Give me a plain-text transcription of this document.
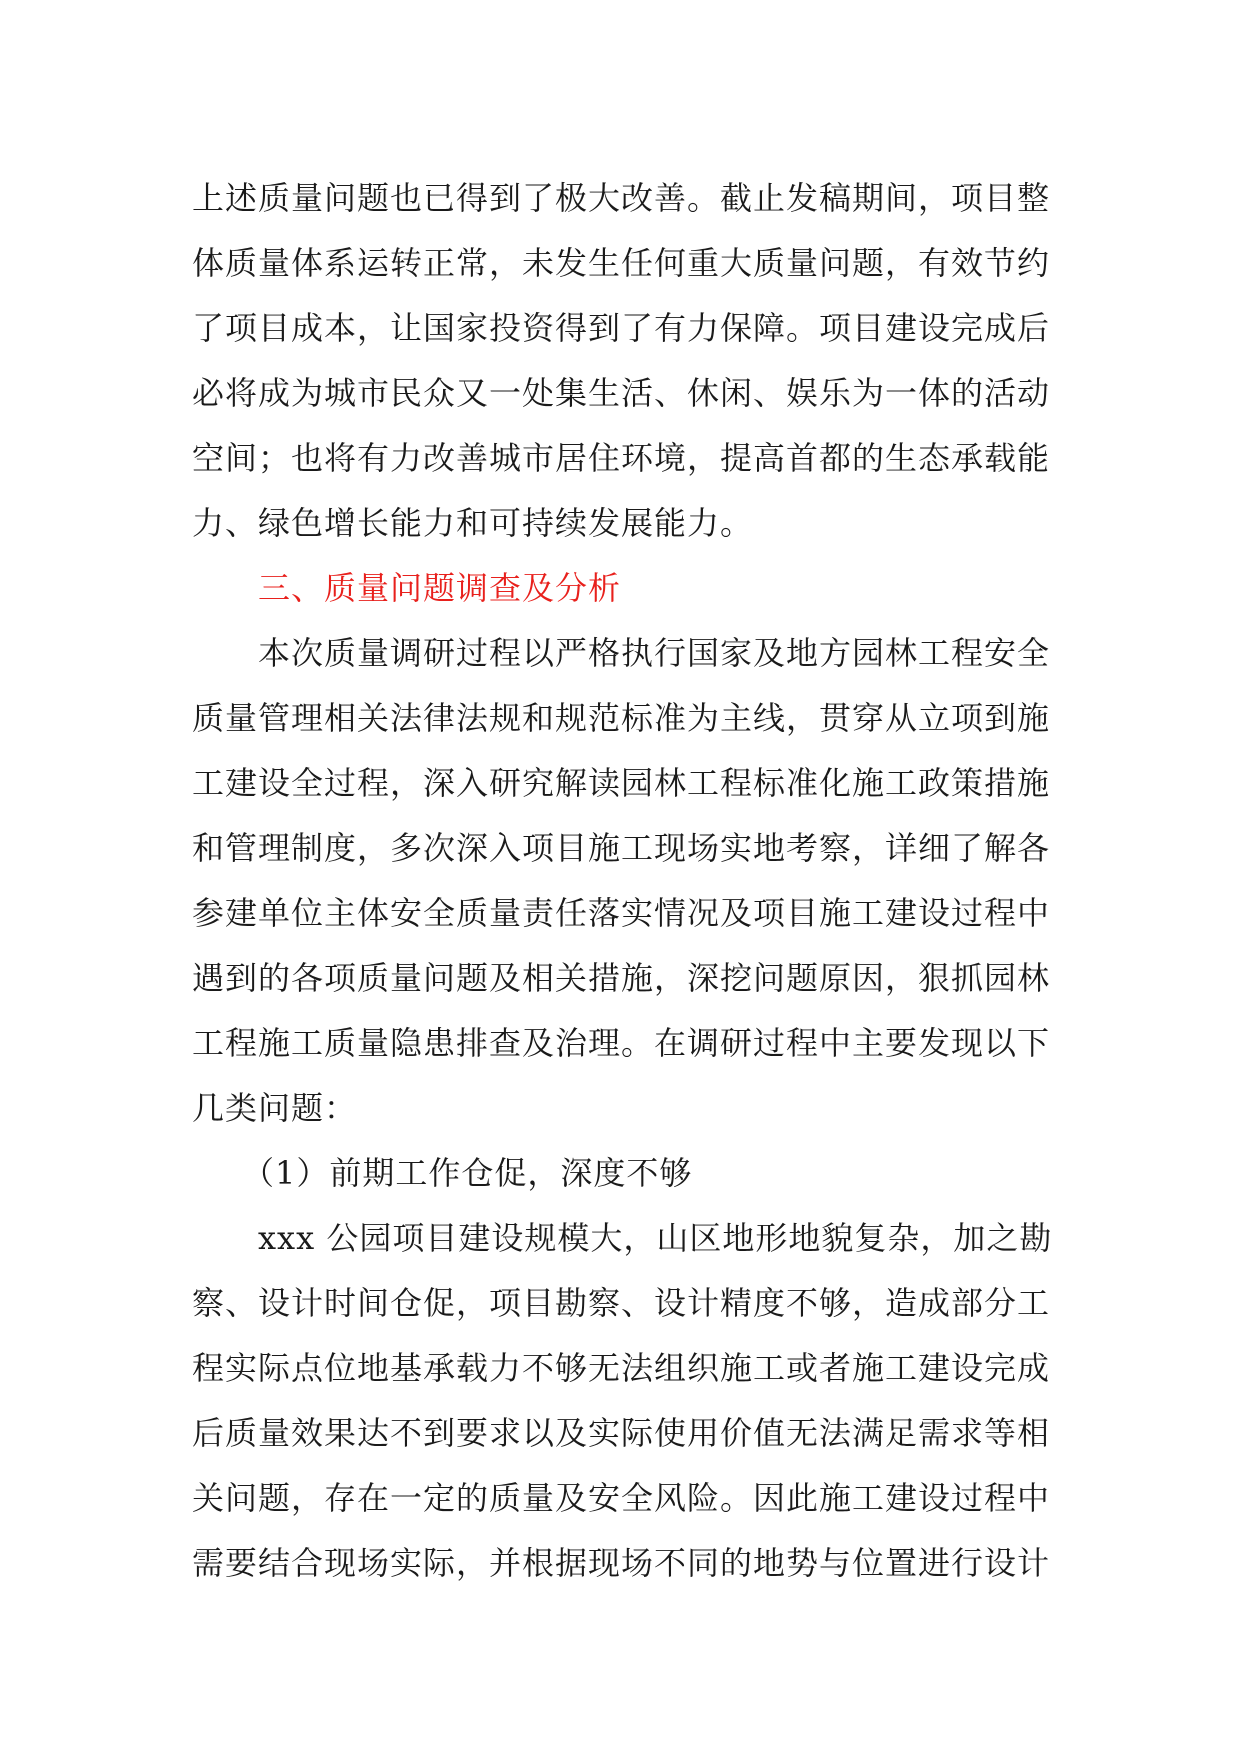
上述质量问题也已得到了极大改善。截止发稿期间，项目整
体质量体系运转正常，未发生任何重大质量问题，有效节约
了项目成本，让国家投资得到了有力保障。项目建设完成后
必将成为城市民众又一处集生活、休闲、娱乐为一体的活动
空间；也将有力改善城市居住环境，提高首都的生态承载能
力、绿色增长能力和可持续发展能力。
三、质量问题调查及分析
本次质量调研过程以严格执行国家及地方园林工程安全
质量管理相关法律法规和规范标准为主线，贯穿从立项到施
工建设全过程，深入研究解读园林工程标准化施工政策措施
和管理制度，多次深入项目施工现场实地考察，详细了解各
参建单位主体安全质量责任落实情况及项目施工建设过程中
遇到的各项质量问题及相关措施，深挖问题原因，狠抓园林
工程施工质量隐患排查及治理。在调研过程中主要发现以下
几类问题：
（1）前期工作仓促，深度不够
xxx 公园项目建设规模大，山区地形地貌复杂，加之勘
察、设计时间仓促，项目勘察、设计精度不够，造成部分工
程实际点位地基承载力不够无法组织施工或者施工建设完成
后质量效果达不到要求以及实际使用价值无法满足需求等相
关问题，存在一定的质量及安全风险。因此施工建设过程中
需要结合现场实际，并根据现场不同的地势与位置进行设计
